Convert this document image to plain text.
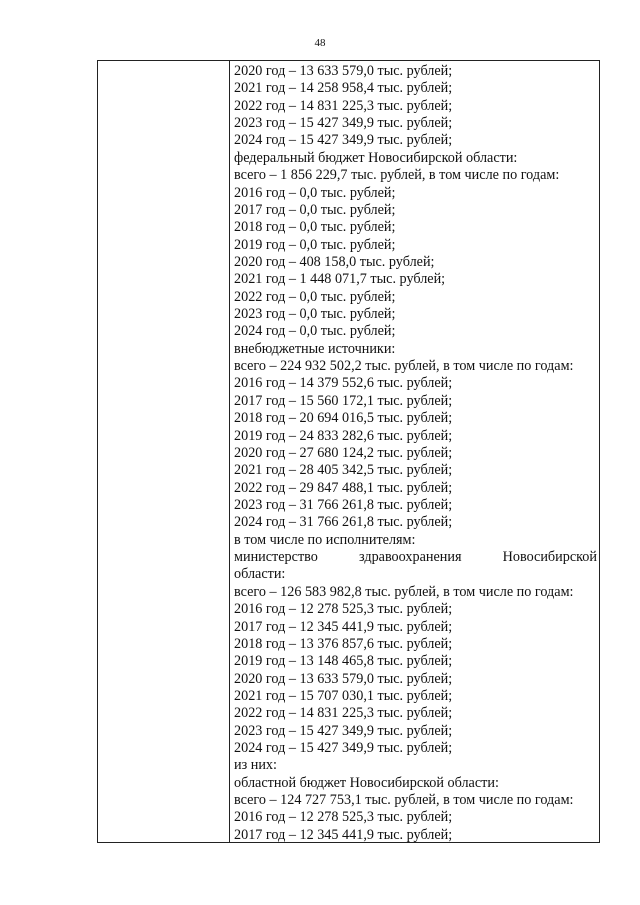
48
2020 год – 13 633 579,0 тыс. рублей;
2021 год – 14 258 958,4 тыс. рублей;
2022 год – 14 831 225,3 тыс. рублей;
2023 год – 15 427 349,9 тыс. рублей;
2024 год – 15 427 349,9 тыс. рублей;
федеральный бюджет Новосибирской области:
всего – 1 856 229,7 тыс. рублей, в том числе по годам:
2016 год – 0,0 тыс. рублей;
2017 год – 0,0 тыс. рублей;
2018 год – 0,0 тыс. рублей;
2019 год – 0,0 тыс. рублей;
2020 год – 408 158,0 тыс. рублей;
2021 год – 1 448 071,7 тыс. рублей;
2022 год – 0,0 тыс. рублей;
2023 год – 0,0 тыс. рублей;
2024 год – 0,0 тыс. рублей;
внебюджетные источники:
всего – 224 932 502,2 тыс. рублей, в том числе по годам:
2016 год – 14 379 552,6 тыс. рублей;
2017 год – 15 560 172,1 тыс. рублей;
2018 год – 20 694 016,5 тыс. рублей;
2019 год – 24 833 282,6 тыс. рублей;
2020 год – 27 680 124,2 тыс. рублей;
2021 год – 28 405 342,5 тыс. рублей;
2022 год – 29 847 488,1 тыс. рублей;
2023 год – 31 766 261,8 тыс. рублей;
2024 год – 31 766 261,8 тыс. рублей;
в том числе по исполнителям:
министерство	здравоохранения	Новосибирской
области:
всего – 126 583 982,8 тыс. рублей, в том числе по годам:
2016 год – 12 278 525,3 тыс. рублей;
2017 год – 12 345 441,9 тыс. рублей;
2018 год – 13 376 857,6 тыс. рублей;
2019 год – 13 148 465,8 тыс. рублей;
2020 год – 13 633 579,0 тыс. рублей;
2021 год – 15 707 030,1 тыс. рублей;
2022 год – 14 831 225,3 тыс. рублей;
2023 год – 15 427 349,9 тыс. рублей;
2024 год – 15 427 349,9 тыс. рублей;
из них:
областной бюджет Новосибирской области:
всего – 124 727 753,1 тыс. рублей, в том числе по годам:
2016 год – 12 278 525,3 тыс. рублей;
2017 год – 12 345 441,9 тыс. рублей;
